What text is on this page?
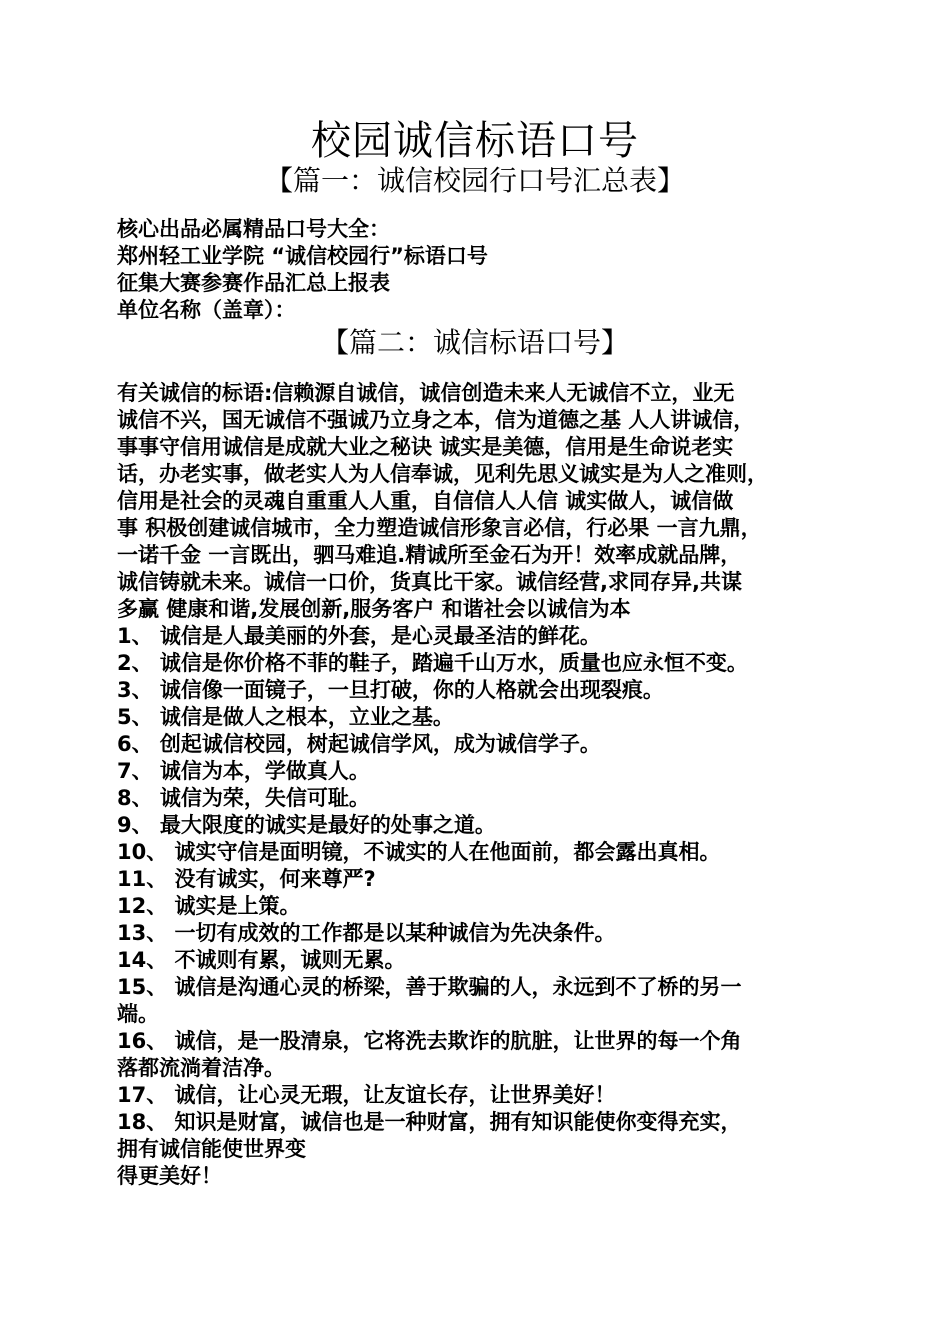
校园诚信标语口号
【篇一：诚信校园行口号汇总表】

核心出品必属精品口号大全：

郑州轻工业学院 “诚信校园行”标语口号

征集大赛参赛作品汇总上报表

单位名称（盖章）：

【篇二：诚信标语口号】

有关诚信的标语:信赖源自诚信，诚信创造未来人无诚信不立，业无

诚信不兴，国无诚信不强诚乃立身之本，信为道德之基 人人讲诚信，

事事守信用诚信是成就大业之秘诀 诚实是美德，信用是生命说老实

话，办老实事，做老实人为人信奉诚，见利先思义诚实是为人之准则，

信用是社会的灵魂自重重人人重，自信信人人信 诚实做人，诚信做

事 积极创建诚信城市，全力塑造诚信形象言必信，行必果 一言九鼎，

一诺千金 一言既出，驷马难追.精诚所至金石为开！效率成就品牌，

诚信铸就未来。诚信一口价，货真比干家。诚信经营,求同存异,共谋

多赢 健康和谐,发展创新,服务客户 和谐社会以诚信为本

1、 诚信是人最美丽的外套，是心灵最圣洁的鲜花。

2、 诚信是你价格不菲的鞋子，踏遍千山万水，质量也应永恒不变。

3、 诚信像一面镜子，一旦打破，你的人格就会出现裂痕。

5、 诚信是做人之根本，立业之基。

6、 创起诚信校园，树起诚信学风，成为诚信学子。

7、 诚信为本，学做真人。

8、 诚信为荣，失信可耻。

9、 最大限度的诚实是最好的处事之道。

10、 诚实守信是面明镜，不诚实的人在他面前，都会露出真相。

11、 没有诚实，何来尊严?

12、 诚实是上策。

13、 一切有成效的工作都是以某种诚信为先决条件。

14、 不诚则有累，诚则无累。

15、 诚信是沟通心灵的桥梁，善于欺骗的人，永远到不了桥的另一

端。

16、 诚信，是一股清泉，它将洗去欺诈的肮脏，让世界的每一个角

落都流淌着洁净。

17、 诚信，让心灵无瑕，让友谊长存，让世界美好！

18、 知识是财富，诚信也是一种财富，拥有知识能使你变得充实，

拥有诚信能使世界变

得更美好！
